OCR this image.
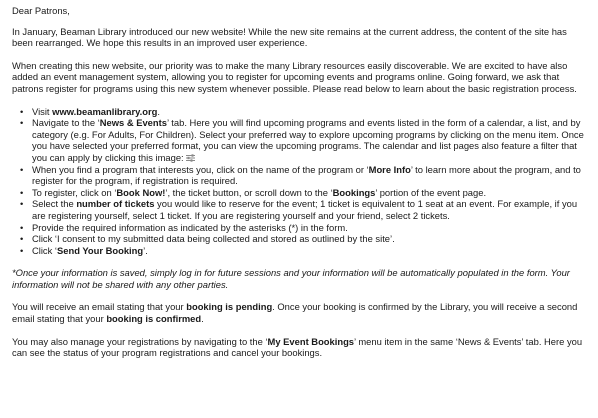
Dear Patrons,

In January, Beaman Library introduced our new website! While the new site remains at the current address, the content of the site has been rearranged. We hope this results in an improved user experience.

When creating this new website, our priority was to make the many Library resources easily discoverable. We are excited to have also added an event management system, allowing you to register for upcoming events and programs online. Going forward, we ask that patrons register for programs using this new system whenever possible. Please read below to learn about the basic registration process.

• Visit www.beamanlibrary.org.
• Navigate to the ‘News & Events’ tab. Here you will find upcoming programs and events listed in the form of a calendar, a list, and by category (e.g. For Adults, For Children). Select your preferred way to explore upcoming programs by clicking on the menu item. Once you have selected your preferred format, you can view the upcoming programs. The calendar and list pages also feature a filter that you can apply by clicking this image:
• When you find a program that interests you, click on the name of the program or ‘More Info’ to learn more about the program, and to register for the program, if registration is required.
• To register, click on ‘Book Now!’, the ticket button, or scroll down to the ‘Bookings’ portion of the event page.
• Select the number of tickets you would like to reserve for the event; 1 ticket is equivalent to 1 seat at an event. For example, if you are registering yourself, select 1 ticket. If you are registering yourself and your friend, select 2 tickets.
• Provide the required information as indicated by the asterisks (*) in the form.
• Click ‘I consent to my submitted data being collected and stored as outlined by the site’.
• Click ‘Send Your Booking’.

*Once your information is saved, simply log in for future sessions and your information will be automatically populated in the form. Your information will not be shared with any other parties.

You will receive an email stating that your booking is pending. Once your booking is confirmed by the Library, you will receive a second email stating that your booking is confirmed.

You may also manage your registrations by navigating to the ‘My Event Bookings’ menu item in the same ‘News & Events’ tab. Here you can see the status of your program registrations and cancel your bookings.
